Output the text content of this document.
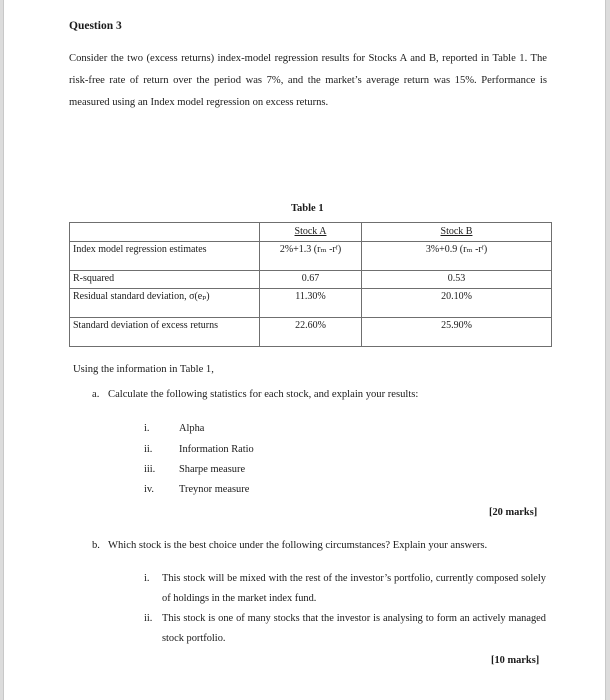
Question 3
Consider the two (excess returns) index-model regression results for Stocks A and B, reported in Table 1. The risk-free rate of return over the period was 7%, and the market’s average return was 15%. Performance is measured using an Index model regression on excess returns.
Table 1
	Stock A	Stock B
Index model regression estimates	2%+1.3 (rₘ -rᶠ)	3%+0.9 (rₘ -rᶠ)
R-squared	0.67	0.53
Residual standard deviation, σ(eₚ)	11.30%	20.10%
Standard deviation of excess returns	22.60%	25.90%
Using the information in Table 1,
a. Calculate the following statistics for each stock, and explain your results:
i.	Alpha
ii.	Information Ratio
iii. Sharpe measure
iv. Treynor measure
[20 marks]
b. Which stock is the best choice under the following circumstances? Explain your answers.
i.	This stock will be mixed with the rest of the investor’s portfolio, currently composed solely of holdings in the market index fund.
ii. This stock is one of many stocks that the investor is analysing to form an actively managed stock portfolio.
[10 marks]
